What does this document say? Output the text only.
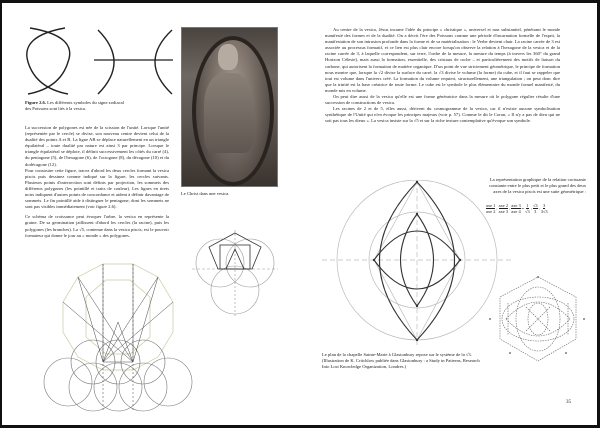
Figure 2.6. Les différents symboles du signe zodiacal des Poissons sont liés à la vesica.
La succession de polygones est née de la scission de l'unité. Lorsque l'unité (représentée par le cercle) se divise, son nouveau centre devient celui de la dualité des points A et B. La ligne AB se déplace naturellement en un triangle équilatéral – toute dualité par nature est ainsi 3 par principe. Lorsque le triangle équilatéral se déploie, il définit successivement les côtés du carré (4), du pentagone (5), de l'hexagone (6), de l'octogone (8), du décagone (10) et du dodécagone (12).
Pour construire cette figure, tracez d'abord les deux cercles formant la vesica piscis puis dessinez comme indiqué sur la figure, les cercles suivants. Plusieurs points d'intersection sont définis par projection, les sommets des différents polygones (les pointillé et traits de couleur). Les lignes en tirets noirs indiquent d'autres points de concordance et aident à définir davantage de sommets. Le fin pointillé aide à distinguer le pentagone, dont les sommets ne sont pas visibles immédiatement (voir figure 2.6).
Ce schéma de croissance peut évoquer l'arbre, la vesica en représente la graine. De sa germination jaillissent d'abord les cercles (la racine), puis les polygones (les branches). La √5, contenue dans la vesica piscis, est le pouvoir formateur qui donne le jour au « monde » des polygones.
Le Christ dans une vesica.
Au centre de la vesica, Jésus incarne l'idée du principe « christique », universel et non substantiel, pénétrant le monde manifesté des formes et de la dualité. On a décrit l'ère des Poissons comme une période d'incarnation formelle de l'esprit, la manifestation de son intrusion profonde dans la forme et de sa matérialisation : le Verbe devient chair. La racine carrée de 3 est associée au processus formatif, et ce lien est plus clair encore lorsqu'on observe la relation à l'hexagone de la vesica et de la racine carrée de 3, à laquelle correspondent, sur terre, l'ordre de la mesure, la mesure du temps (à travers les 360° du grand Horizon Céleste), mais aussi la formation, essentielle, des cristaux de roche – et particulièrement des motifs de liaison du carbone, qui autorisent la formation de matière organique. D'un point de vue strictement géométrique, le principe de formation nous montre que, lorsque la √2 divise la surface du carré, la √3 divise le volume (la forme) du cube, et il faut se rappeler que tout est volume dans l'univers créé. La formation du volume requiert, structurellement, une triangulation ; on peut donc dire que la trinité est la base créatrice de toute forme. Le cube est le symbole le plus élémentaire du monde formel manifesté, du monde mis en volume.
On peut dire aussi de la vesica qu'elle est une forme génératrice dans la mesure où le polygone régulier résulte d'une succession de constructions de vesica.
Les racines de 2 et de 5, elles aussi, dérivent du cosmogramme de la vesica, car il n'existe aucune symbolisation synthétique de l'Unité qui n'en évoque les principes majeurs (voir p. 57). Comme le dit le Coran, « Il n'y a pas de dieu qui ne soit pas tous les dieux ». La vesica insiste sur la √5 et sur la riche texture contemplative qu'évoque son symbole.
Le plan de la chapelle Sainte-Marie à Glastonbury repose sur le système de la √3. (Illustration de K. Critchlow publiée dans Glastonbury : a Study in Patterns, Research Into Lost Knowledge Organization, Londres.)
La représentation graphique de la relation croissante constante entre le plus petit et le plus grand des deux axes de la vesica piscis est une suite géométrique :
$\frac{\text{axe 1}}{\text{axe 2}}$ : $\frac{\text{axe 2}}{\text{axe 3}}$ : $\frac{\text{axe 3}}{\text{axe 4}} = \frac{1}{√3}$ : $\frac{√3}{3}$ : $\frac{3}{3√3}$
35
